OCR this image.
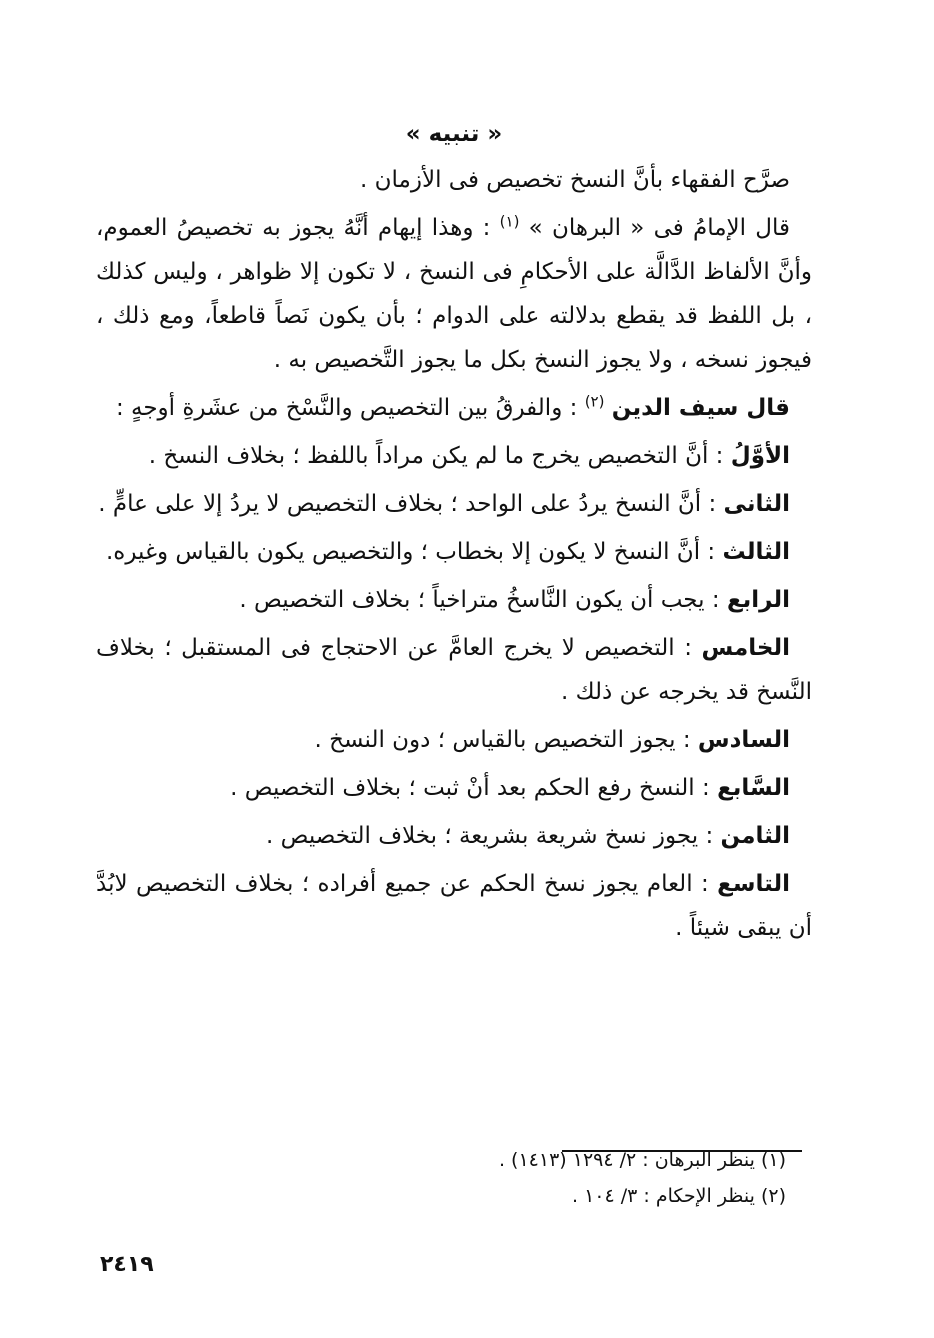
« تنبيه »

صرَّح الفقهاء بأنَّ النسخ تخصيص فى الأزمان .

قال الإمامُ فى « البرهان » $^{(١)}$ : وهذا إيهام أنَّهُ يجوز به تخصيصُ العموم، وأنَّ الألفاظ الدَّالَّة على الأحكامِ فى النسخ ، لا تكون إلا ظواهر ، وليس كذلك ، بل اللفظ قد يقطع بدلالته على الدوام ؛ بأن يكون نَصاً قاطعاً، ومع ذلك ، فيجوز نسخه ، ولا يجوز النسخ بكل ما يجوز التَّخصيص به .

قال سيف الدين $^{(٢)}$ : والفرقُ بين التخصيص والنَّسْخ من عشَرةِ أوجهٍ :

الأوَّلُ : أنَّ التخصيص يخرج ما لم يكن مراداً باللفظ ؛ بخلاف النسخ .

الثانى : أنَّ النسخ يردُ على الواحد ؛ بخلاف التخصيص لا يردُ إلا على عامٍّ .

الثالث : أنَّ النسخ لا يكون إلا بخطاب ؛ والتخصيص يكون بالقياس وغيره.

الرابع : يجب أن يكون النَّاسخُ متراخياً ؛ بخلاف التخصيص .

الخامس : التخصيص لا يخرج العامَّ عن الاحتجاج فى المستقبل ؛ بخلاف النَّسخ قد يخرجه عن ذلك .

السادس : يجوز التخصيص بالقياس ؛ دون النسخ .

السَّابع : النسخ رفع الحكم بعد أنْ ثبت ؛ بخلاف التخصيص .

الثامن : يجوز نسخ شريعة بشريعة ؛ بخلاف التخصيص .

التاسع : العام يجوز نسخ الحكم عن جميع أفراده ؛ بخلاف التخصيص لابُدَّ أن يبقى شيئاً .

(١) ينظر البرهان : ٢/ ١٢٩٤ (١٤١٣) .

(٢) ينظر الإحكام : ٣/ ١٠٤ .

٢٤١٩
